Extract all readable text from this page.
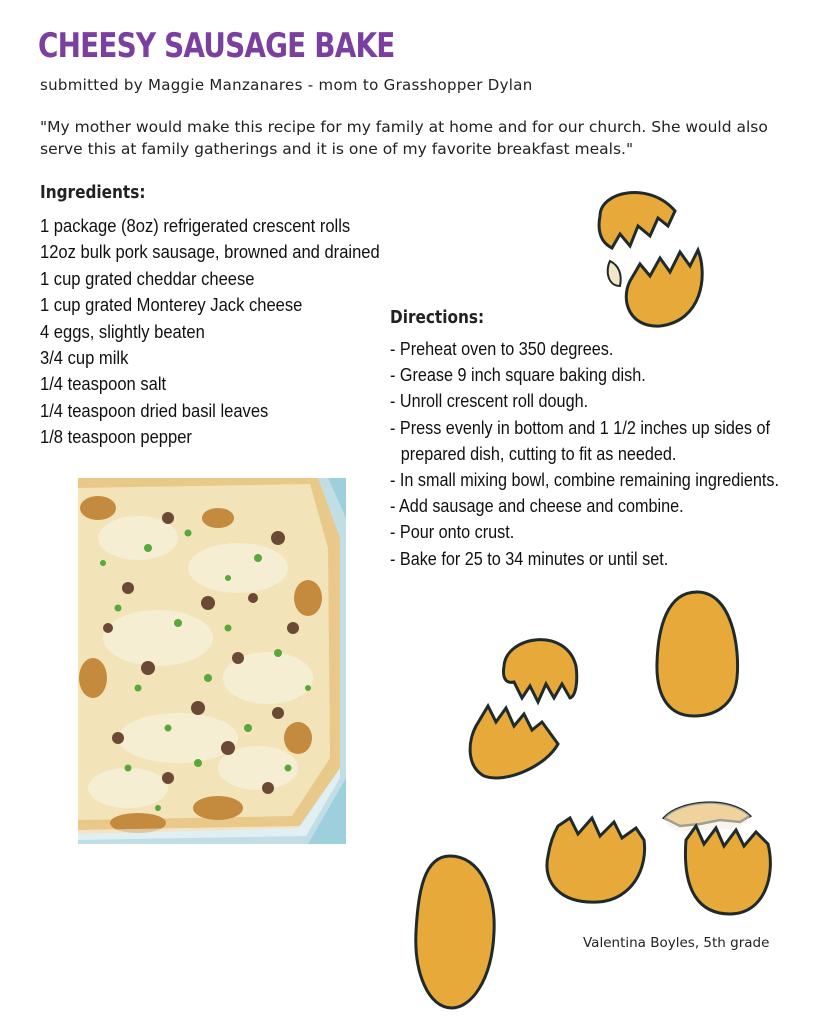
CHEESY SAUSAGE BAKE
submitted by Maggie Manzanares - mom to Grasshopper Dylan

"My mother would make this recipe for my family at home and for our church. She would also serve this at family gatherings and it is one of my favorite breakfast meals."

Ingredients:
1 package (8oz) refrigerated crescent rolls
12oz bulk pork sausage, browned and drained
1 cup grated cheddar cheese
1 cup grated Monterey Jack cheese
4 eggs, slightly beaten
3/4 cup milk
1/4 teaspoon salt
1/4 teaspoon dried basil leaves
1/8 teaspoon pepper
Directions:
- Preheat oven to 350 degrees.
- Grease 9 inch square baking dish.
- Unroll crescent roll dough.
- Press evenly in bottom and 1 1/2 inches up sides of
prepared dish, cutting to fit as needed.
- In small mixing bowl, combine remaining ingredients.
- Add sausage and cheese and combine.
- Pour onto crust.
- Bake for 25 to 34 minutes or until set.
Valentina Boyles, 5th grade
